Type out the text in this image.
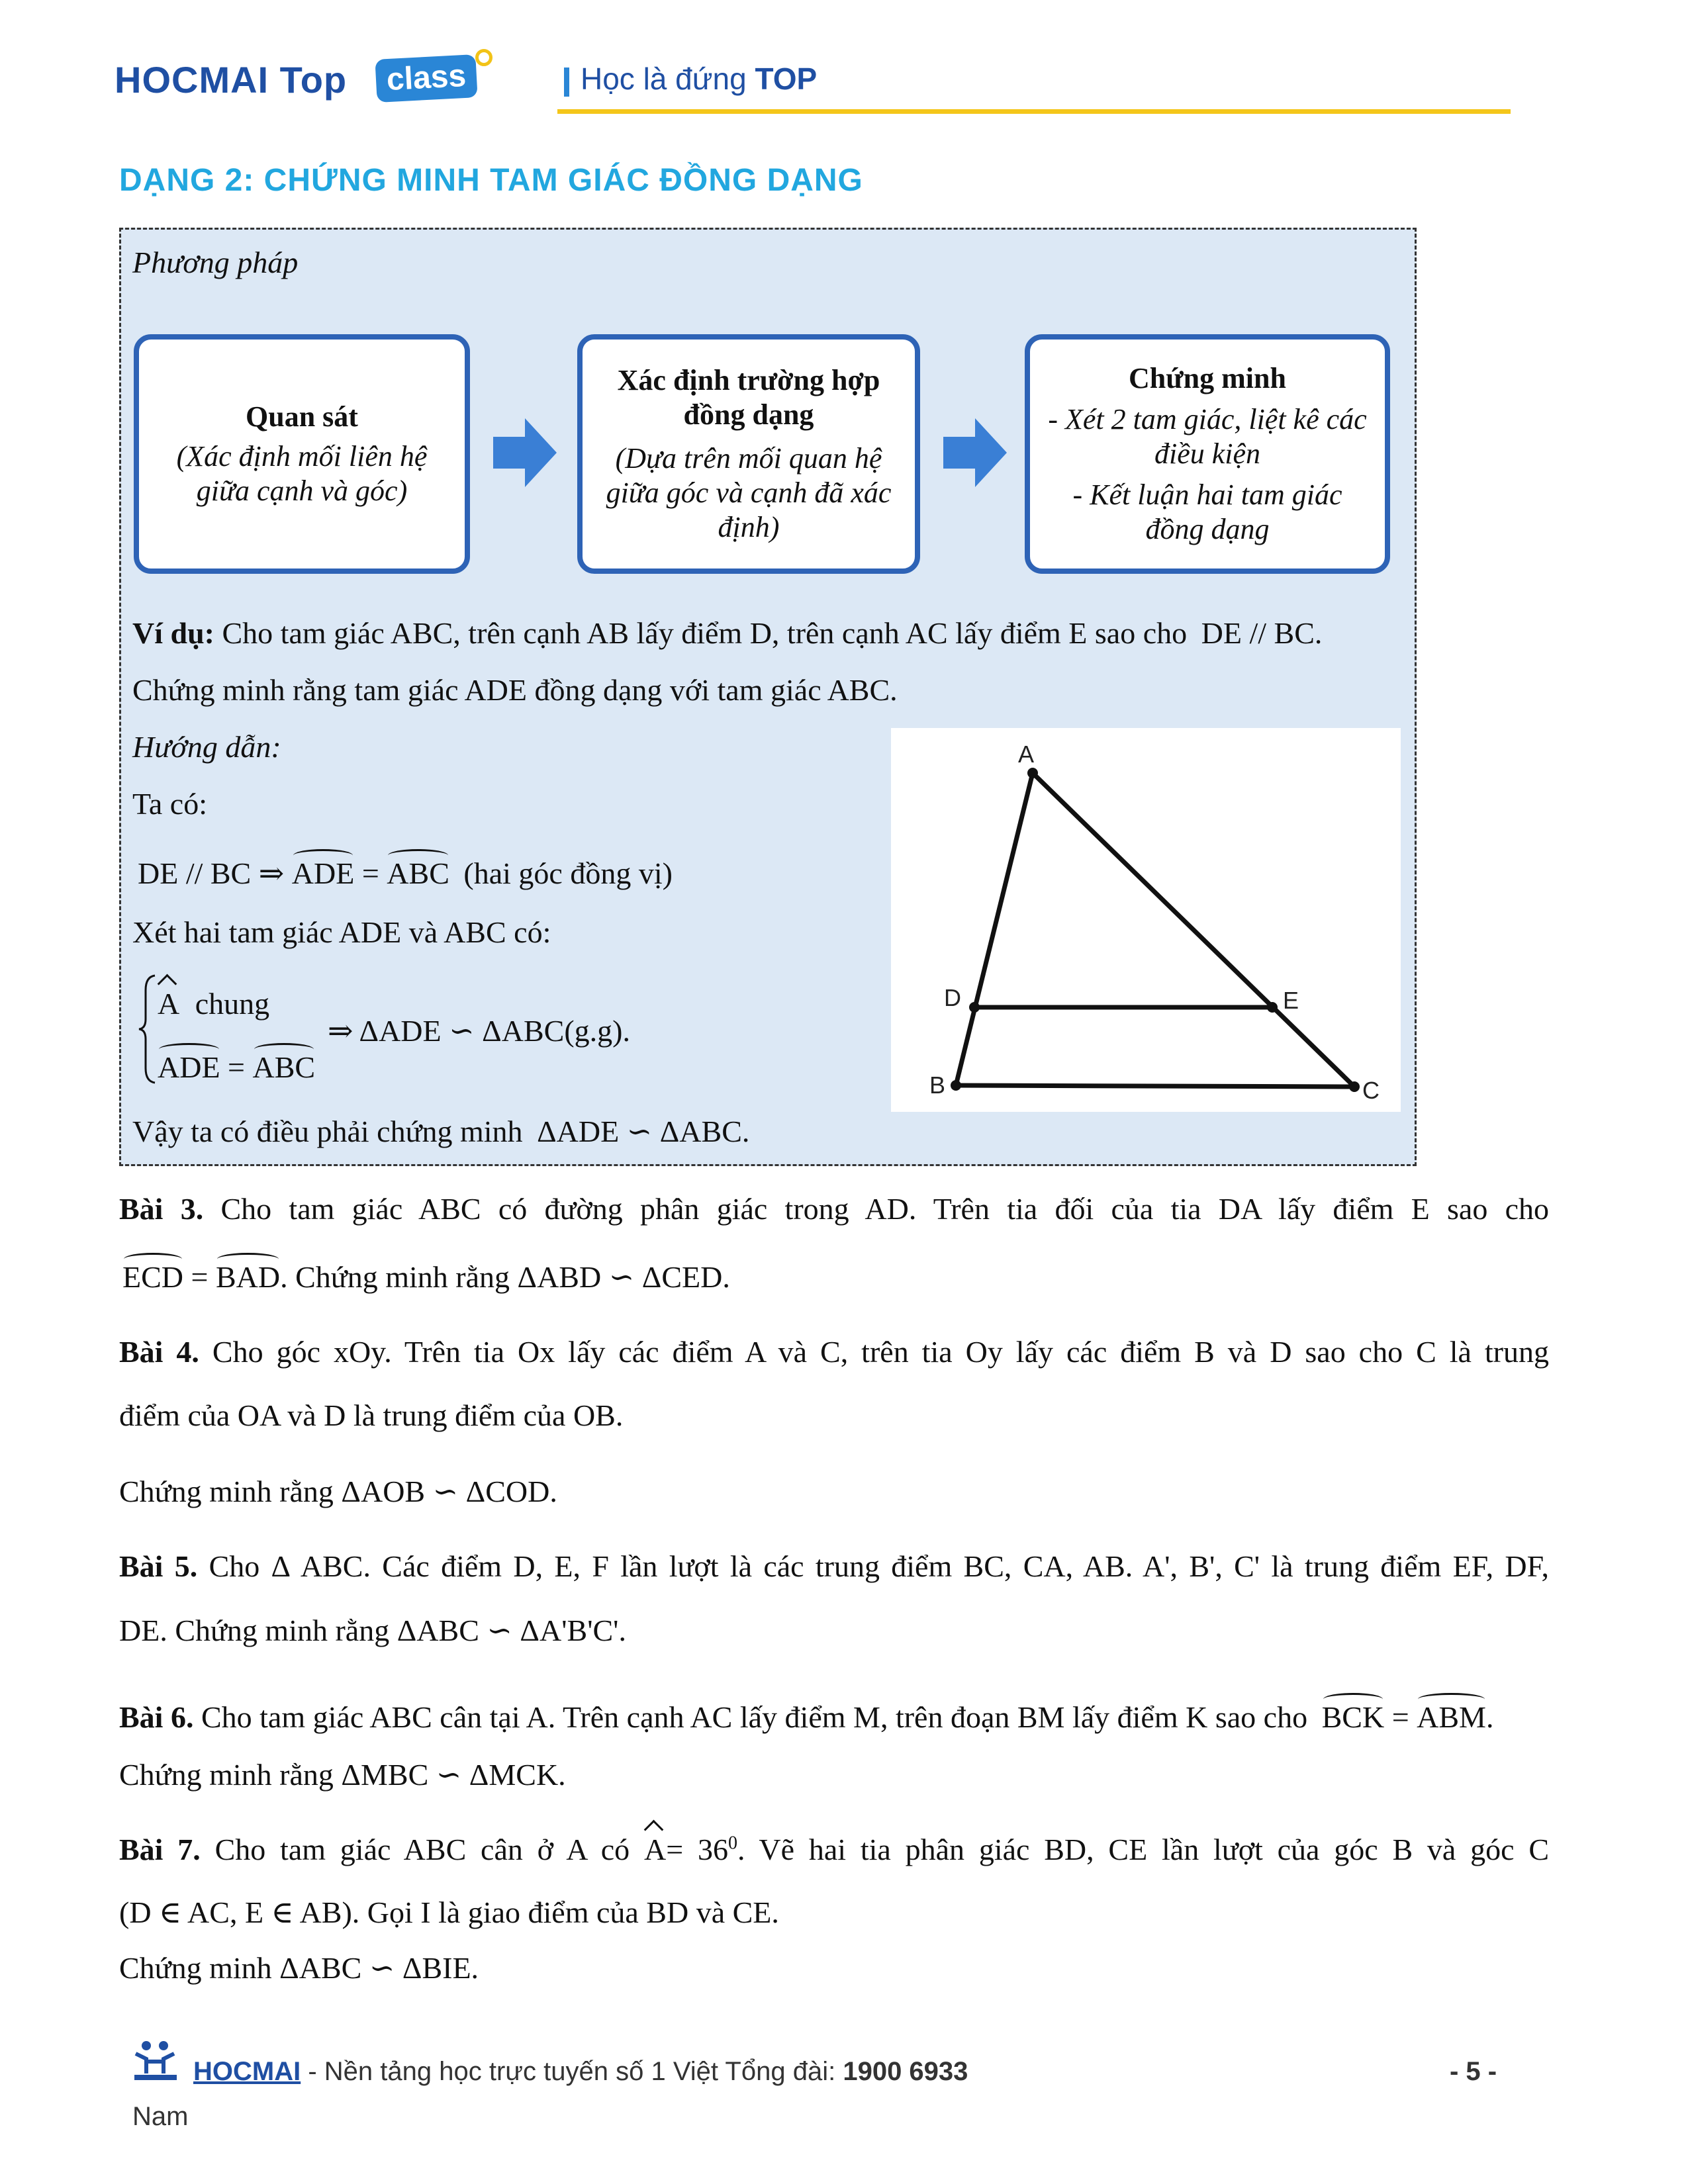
HOCMAI Top	class	Học là đứng TOP
DẠNG 2: CHỨNG MINH TAM GIÁC ĐỒNG DẠNG
Phương pháp
Quan sát
(Xác định mối liên hệ giữa cạnh và góc)
Xác định trường hợp đồng dạng
(Dựa trên mối quan hệ giữa góc và cạnh đã xác định)
Chứng minh
- Xét 2 tam giác, liệt kê các điều kiện
- Kết luận hai tam giác đồng dạng
Ví dụ: Cho tam giác ABC, trên cạnh AB lấy điểm D, trên cạnh AC lấy điểm E sao cho DE // BC.
Chứng minh rằng tam giác ADE đồng dạng với tam giác ABC.
Hướng dẫn:
Ta có:
DE // BC ⇒ ADE = ABC (hai góc đồng vị)
Xét hai tam giác ADE và ABC có:
A chung
ADE = ABC
⇒ ΔADE ∽ ΔABC(g.g).
Vậy ta có điều phải chứng minh ΔADE ∽ ΔABC.
A
B	C
D	E
Bài 3. Cho tam giác ABC có đường phân giác trong AD. Trên tia đối của tia DA lấy điểm E sao cho
ECD = BAD. Chứng minh rằng ΔABD ∽ ΔCED.
Bài 4. Cho góc xOy. Trên tia Ox lấy các điểm A và C, trên tia Oy lấy các điểm B và D sao cho C là trung
điểm của OA và D là trung điểm của OB.
Chứng minh rằng ΔAOB ∽ ΔCOD.
Bài 5. Cho Δ ABC. Các điểm D, E, F lần lượt là các trung điểm BC, CA, AB. A', B', C' là trung điểm EF, DF,
DE. Chứng minh rằng ΔABC ∽ ΔA'B'C'.
Bài 6. Cho tam giác ABC cân tại A. Trên cạnh AC lấy điểm M, trên đoạn BM lấy điểm K sao cho BCK = ABM.
Chứng minh rằng ΔMBC ∽ ΔMCK.
Bài 7. Cho tam giác ABC cân ở A có $A= 36^0$. Vẽ hai tia phân giác BD, CE lần lượt của góc B và góc C
(D ∈ AC, E ∈ AB). Gọi I là giao điểm của BD và CE.
Chứng minh ΔABC ∽ ΔBIE.
HOCMAI - Nền tảng học trực tuyến số 1 Việt Tổng đài: 1900 6933	- 5 -
Nam
